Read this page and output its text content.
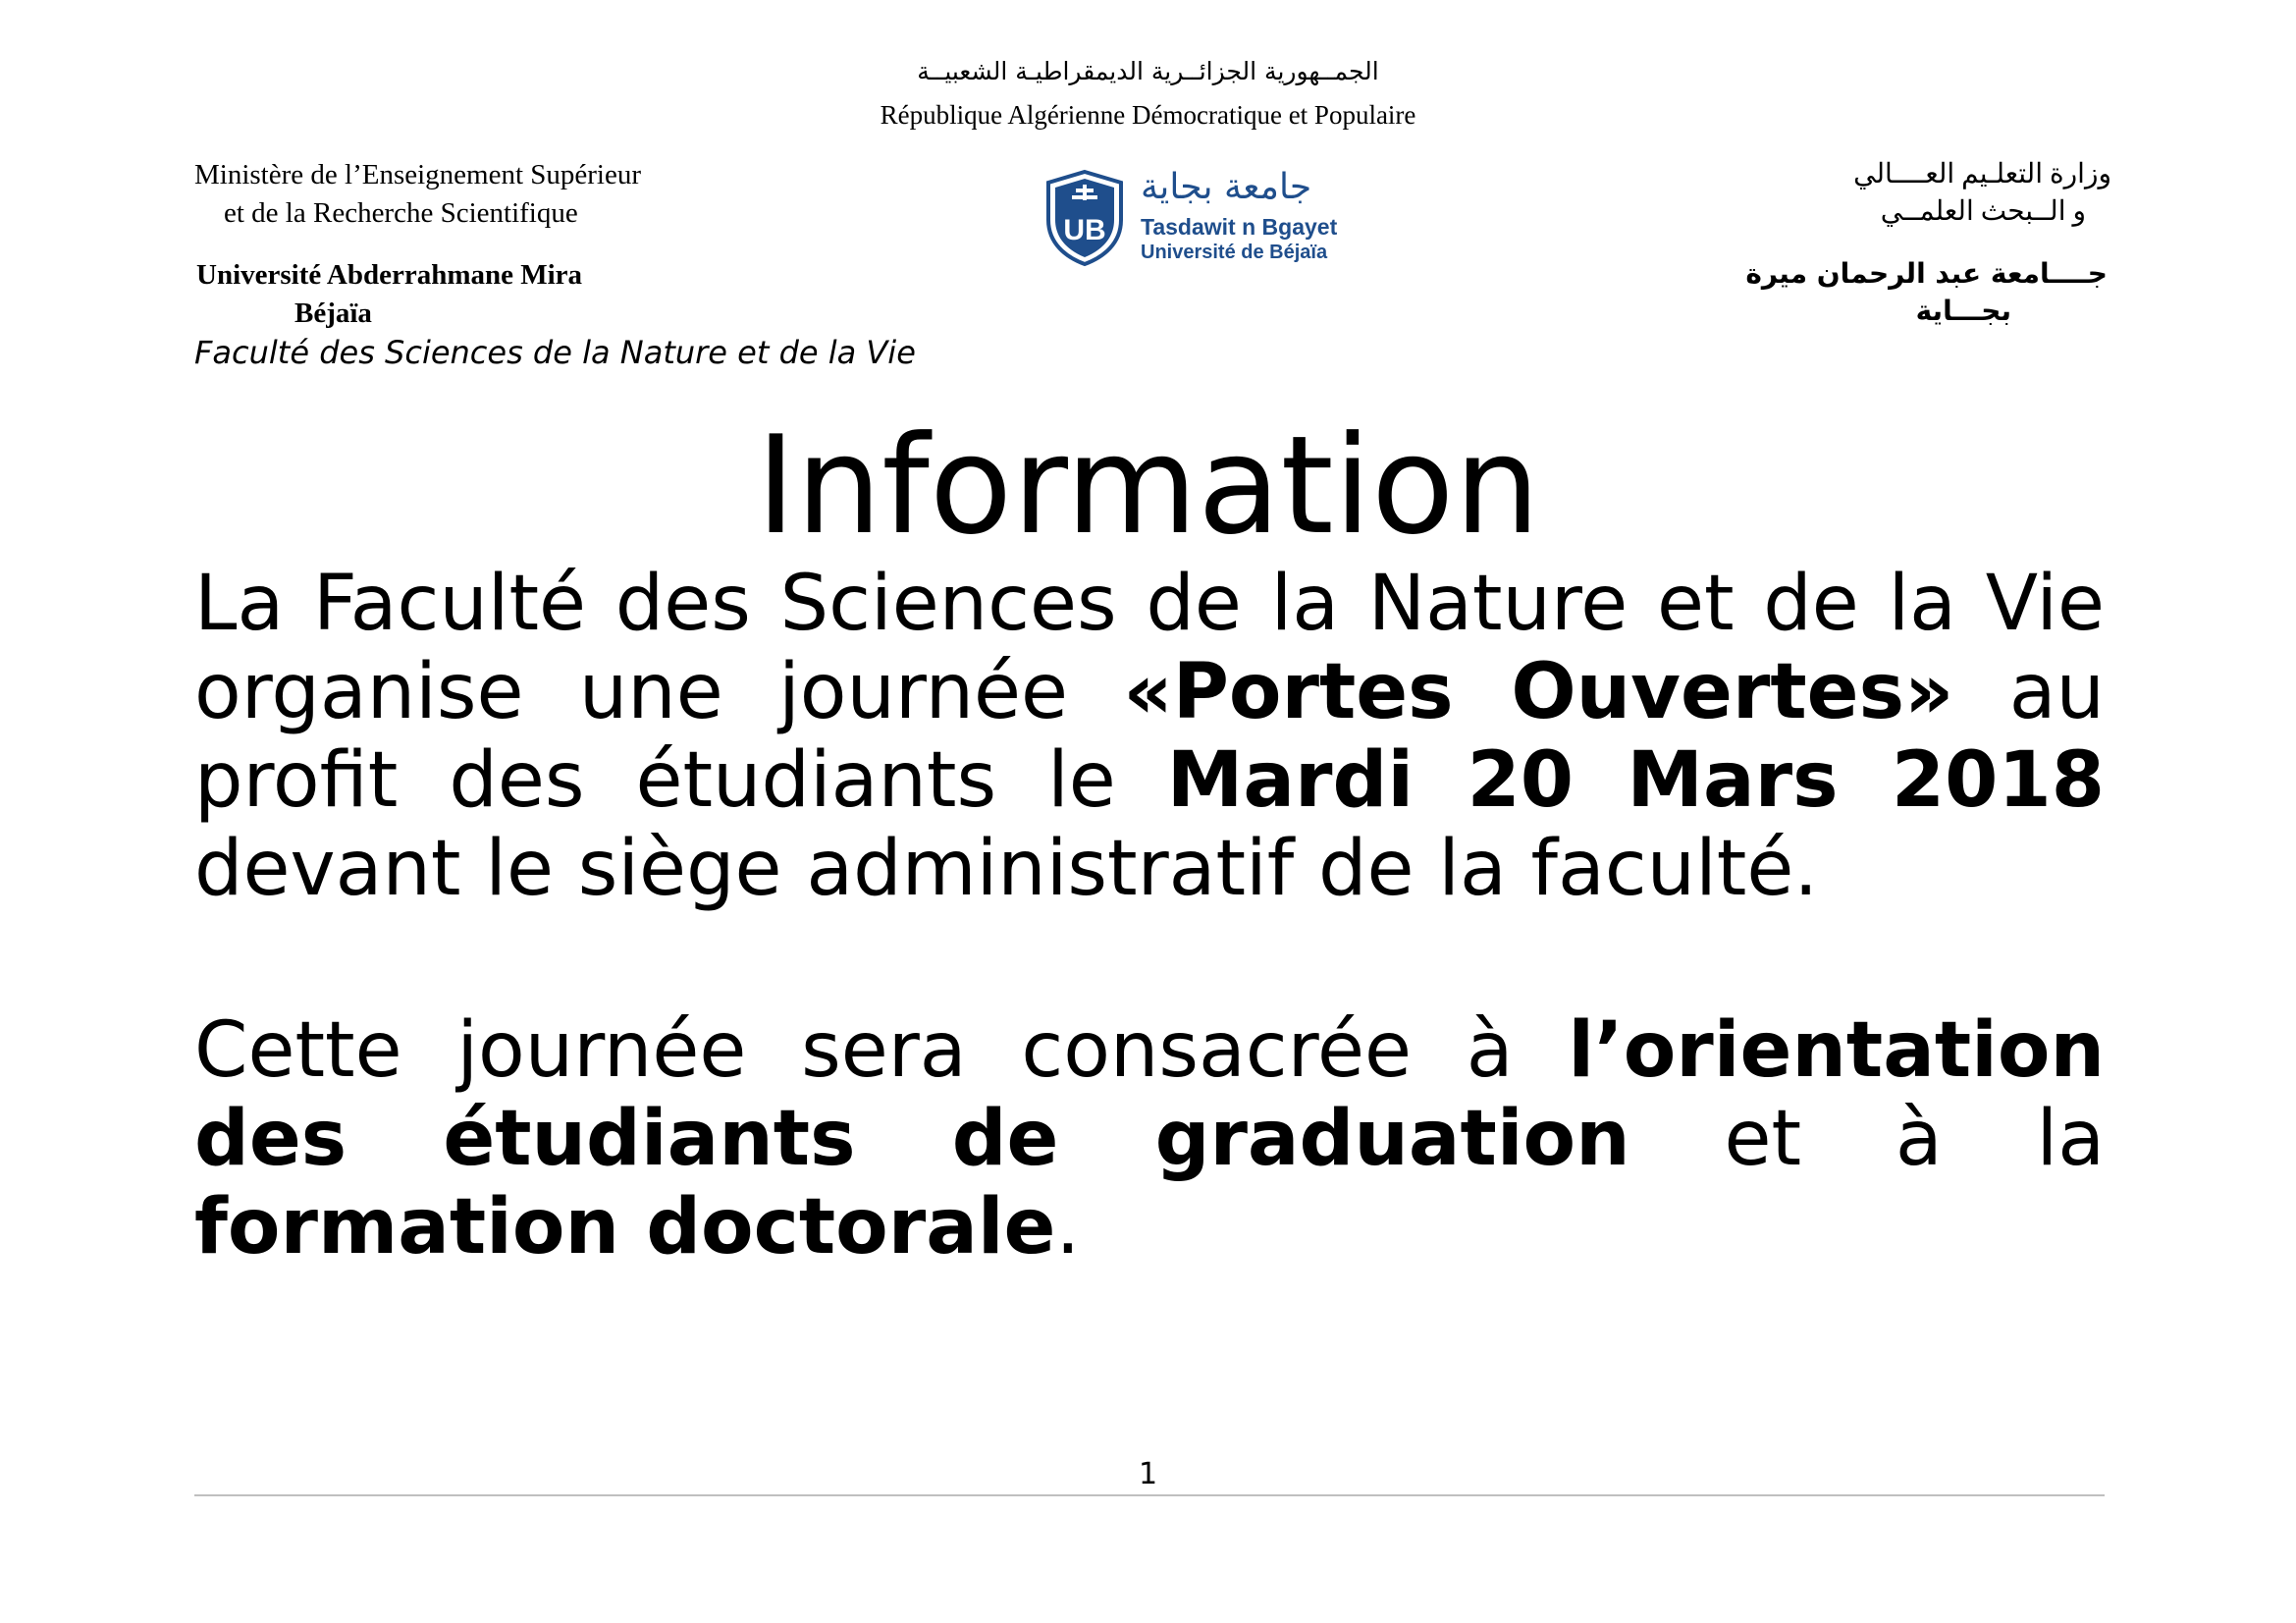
الجمــهورية الجزائــرية الديمقراطيـة الشعبيــة
République Algérienne Démocratique et Populaire
Ministère de l’Enseignement Supérieur
et de la Recherche Scientifique
Université Abderrahmane Mira
Béjaïa
Faculté des Sciences de la Nature et de la Vie
وزارة التعلـيم العــــالي
و الــبحث العلمــي
جــــامعة عبد الرحمان ميرة
بجـــاية
UB
جامعة بجاية
Tasdawit n Bgayet
Université de Béjaïa
Information
La Faculté des Sciences de la Nature et de la Vie organise une journée «Portes Ouvertes» au profit des étudiants le Mardi 20 Mars 2018 devant le siège administratif de la faculté.
Cette journée sera consacrée à l’orientation des étudiants de graduation et à la formation doctorale.
1
